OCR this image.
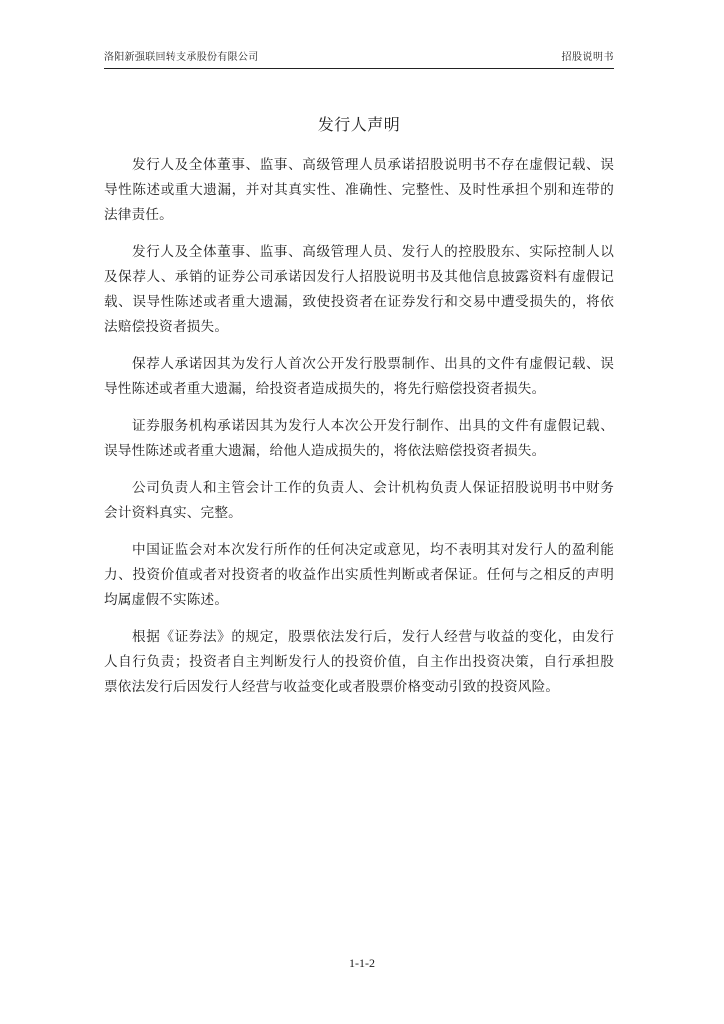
洛阳新强联回转支承股份有限公司	招股说明书
发行人声明

发行人及全体董事、监事、高级管理人员承诺招股说明书不存在虚假记载、误导性陈述或重大遗漏，并对其真实性、准确性、完整性、及时性承担个别和连带的法律责任。

发行人及全体董事、监事、高级管理人员、发行人的控股股东、实际控制人以及保荐人、承销的证券公司承诺因发行人招股说明书及其他信息披露资料有虚假记载、误导性陈述或者重大遗漏，致使投资者在证券发行和交易中遭受损失的，将依法赔偿投资者损失。

保荐人承诺因其为发行人首次公开发行股票制作、出具的文件有虚假记载、误导性陈述或者重大遗漏，给投资者造成损失的，将先行赔偿投资者损失。

证券服务机构承诺因其为发行人本次公开发行制作、出具的文件有虚假记载、误导性陈述或者重大遗漏，给他人造成损失的，将依法赔偿投资者损失。

公司负责人和主管会计工作的负责人、会计机构负责人保证招股说明书中财务会计资料真实、完整。

中国证监会对本次发行所作的任何决定或意见，均不表明其对发行人的盈利能力、投资价值或者对投资者的收益作出实质性判断或者保证。任何与之相反的声明均属虚假不实陈述。

根据《证券法》的规定，股票依法发行后，发行人经营与收益的变化，由发行人自行负责；投资者自主判断发行人的投资价值，自主作出投资决策，自行承担股票依法发行后因发行人经营与收益变化或者股票价格变动引致的投资风险。

1-1-2
